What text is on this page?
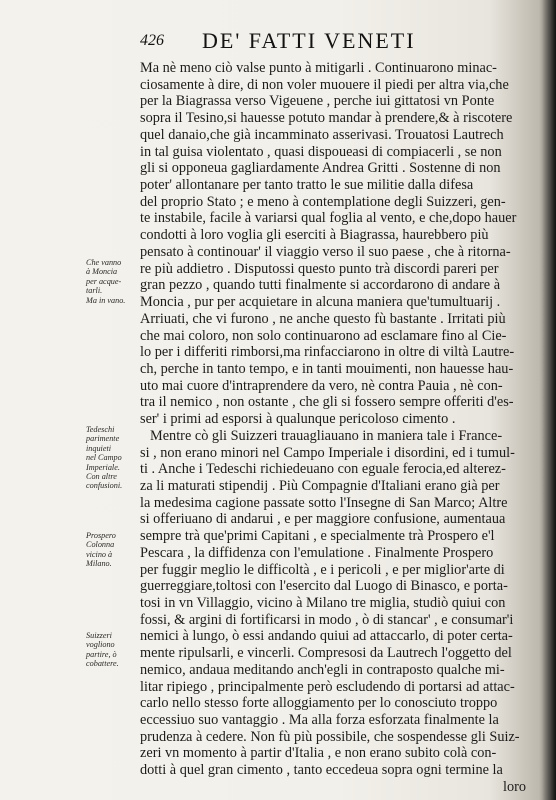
426 DE' FATTI VENETI
Ma nè meno ciò valse punto à mitigarli . Continuarono minac-
ciosamente à dire, di non voler muouere il piedi per altra via,che
per la Biagrassa verso Vigeuene , perche iui gittatosi vn Ponte
sopra il Tesino,si hauesse potuto mandar à prendere,& à riscotere
quel danaio,che già incamminato asserivasi. Trouatosi Lautrech
in tal guisa violentato , quasi dispoueasi di compiacerli , se non
gli si opponeua gagliardamente Andrea Gritti . Sostenne di non
poter' allontanare per tanto tratto le sue militie dalla difesa
del proprio Stato ; e meno à contemplatione degli Suizzeri, gen-
te instabile, facile à variarsi qual foglia al vento, e che,dopo hauer
condotti à loro voglia gli eserciti à Biagrassa, haurebbero più
pensato à continouar' il viaggio verso il suo paese , che à ritorna-
re più addietro . Disputossi questo punto trà discordi pareri per
gran pezzo , quando tutti finalmente si accordarono di andare à
Moncia , pur per acquietare in alcuna maniera que'tumultuarij .
Arriuati, che vi furono , ne anche questo fù bastante . Irritati più
che mai coloro, non solo continuarono ad esclamare fino al Cie-
lo per i differiti rimborsi,ma rinfacciarono in oltre di viltà Lautre-
ch, perche in tanto tempo, e in tanti mouimenti, non hauesse hau-
uto mai cuore d'intraprendere da vero, nè contra Pauia , nè con-
tra il nemico , non ostante , che gli si fossero sempre offeriti d'es-
ser' i primi ad esporsi à qualunque pericoloso cimento .
Mentre cò gli Suizzeri trauagliauano in maniera tale i France-
si , non erano minori nel Campo Imperiale i disordini, ed i tumul-
ti . Anche i Tedeschi richiedeuano con eguale ferocia,ed alterez-
za li maturati stipendij . Più Compagnie d'Italiani erano già per
la medesima cagione passate sotto l'Insegne di San Marco; Altre
si offeriuano di andarui , e per maggiore confusione, aumentaua
sempre trà que'primi Capitani , e specialmente trà Prospero e'l
Pescara , la diffidenza con l'emulatione . Finalmente Prospero
per fuggir meglio le difficoltà , e i pericoli , e per miglior'arte di
guerreggiare,toltosi con l'esercito dal Luogo di Binasco, e porta-
tosi in vn Villaggio, vicino à Milano tre miglia, studiò quiui con
fossi, & argini di fortificarsi in modo , ò di stancar' , e consumar'i
nemici à lungo, ò essi andando quiui ad attaccarlo, di poter certa-
mente ripulsarli, e vincerli. Compresosi da Lautrech l'oggetto del
nemico, andaua meditando anch'egli in contraposto qualche mi-
litar ripiego , principalmente però escludendo di portarsi ad attac-
carlo nello stesso forte alloggiamento per lo conosciuto troppo
eccessiuo suo vantaggio . Ma alla forza esforzata finalmente la
prudenza à cedere. Non fù più possibile, che sospendesse gli Suiz-
zeri vn momento à partir d'Italia , e non erano subito colà con-
dotti à quel gran cimento , tanto eccedeua sopra ogni termine la
loro
Che vanno
à Moncia
per acque-
tarli.
Ma in vano.
Tedeschi
parimente
inquieti
nel Campo
Imperiale.
Con altre
confusioni.
Prospero
Colonna
vicino à
Milano.
Suizzeri
vogliono
partire, ò
cobattere.
